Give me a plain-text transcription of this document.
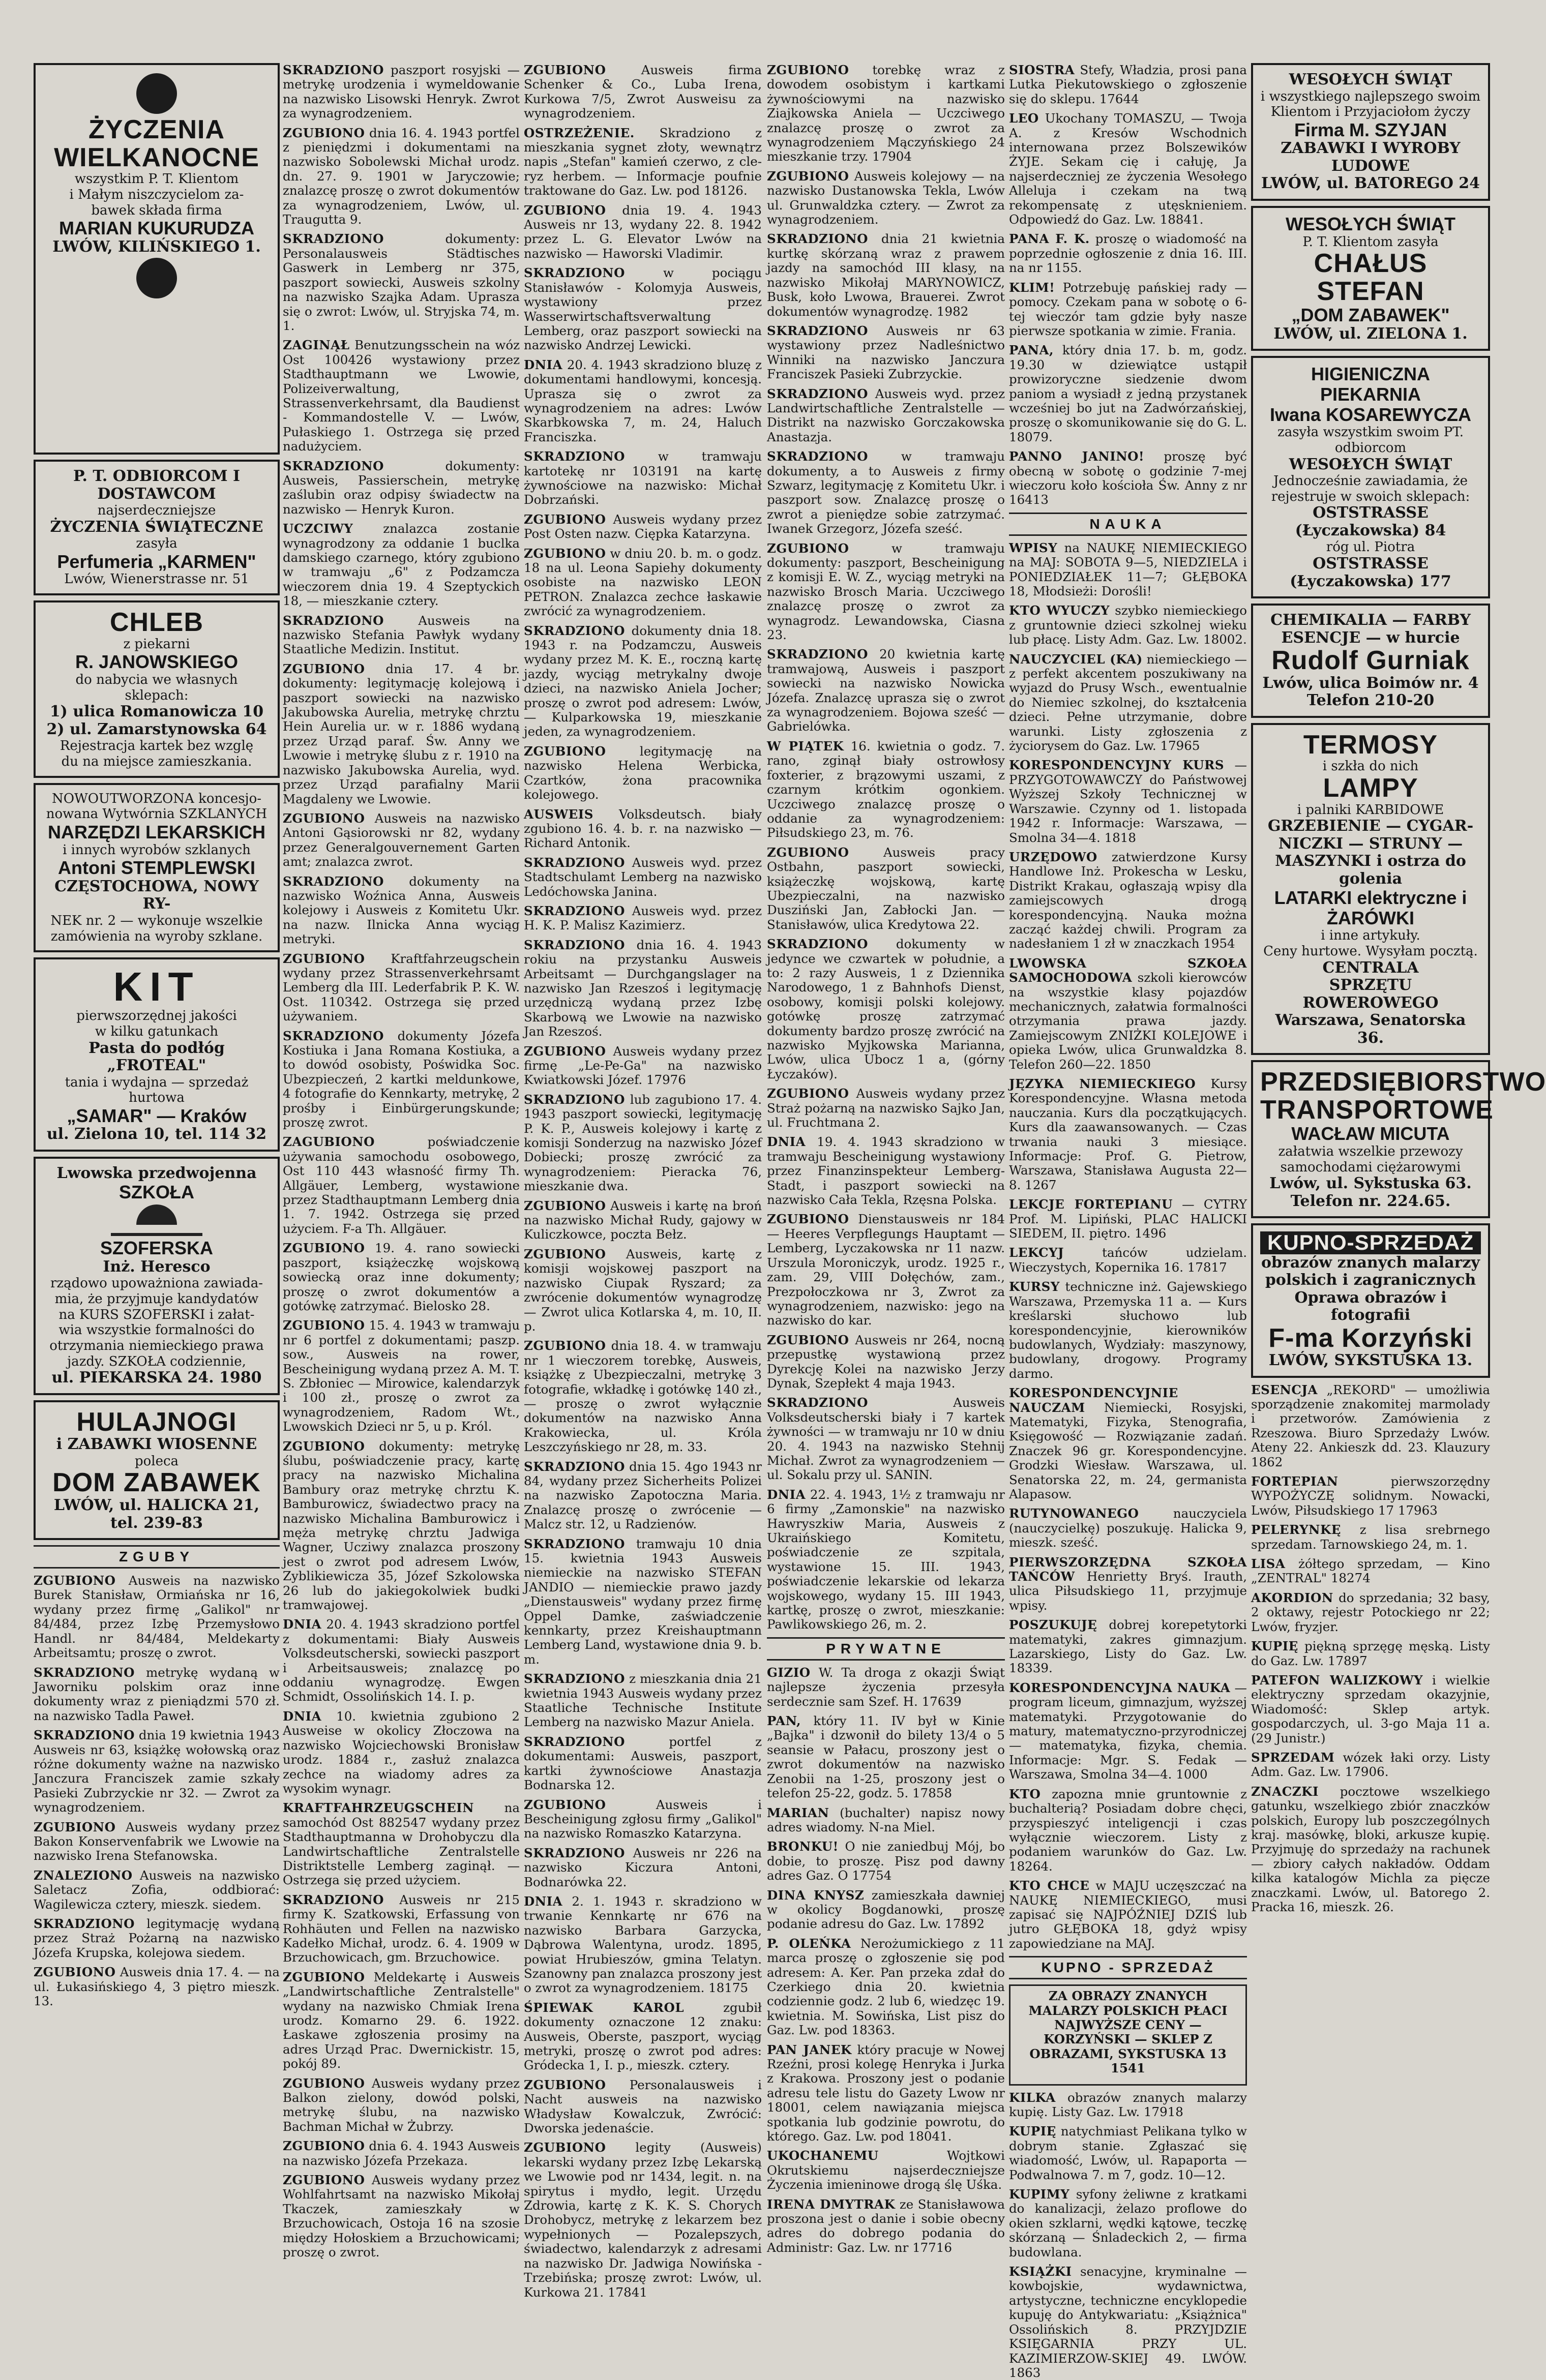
ŻYCZENIA
WIELKANOCNE
wszystkim P. T. Klientom
i Małym niszczycielom za-
bawek składa firma
MARIAN KUKURUDZA
LWÓW, KILIŃSKIEGO 1.
P. T. ODBIORCOM I DOSTAWCOM
najserdeczniejsze
ŻYCZENIA ŚWIĄTECZNE
zasyła
Perfumeria „KARMEN"
Lwów, Wienerstrasse nr. 51
CHLEB
z piekarni
R. JANOWSKIEGO
do nabycia we własnych
sklepach:
1) ulica Romanowicza 10
2) ul. Zamarstynowska 64
Rejestracja kartek bez wzglę
du na miejsce zamieszkania.
NOWOUTWORZONA koncesjo-
nowana Wytwórnia SZKLANYCH
NARZĘDZI LEKARSKICH
i innych wyrobów szklanych
Antoni STEMPLEWSKI
CZĘSTOCHOWA, NOWY RY-
NEK nr. 2 — wykonuje wszelkie
zamówienia na wyroby szklane.
KIT
pierwszorzędnej jakości
w kilku gatunkach
Pasta do podłóg „FROTEAL"
tania i wydajna — sprzedaż hurtowa
„SAMAR" — Kraków
ul. Zielona 10, tel. 114 32
Lwowska przedwojenna
SZKOŁA
SZOFERSKA
Inż. Heresco
rządowo upoważniona zawiada-
mia, że przyjmuje kandydatów
na KURS SZOFERSKI i załat-
wia wszystkie formalności do
otrzymania niemieckiego prawa
jazdy. SZKOŁA codziennie,
ul. PIEKARSKA 24. 1980
HULAJNOGI
i ZABAWKI WIOSENNE
poleca
DOM ZABAWEK
LWÓW, ul. HALICKA 21,
tel. 239-83
ZGUBY

ZGUBIONO Ausweis na nazwisko Burek Stanisław, Ormiańska nr 16, wydany przez firmę „Galikol" nr 84/484, przez Izbę Przemysłowo Handl. nr 84/484, Meldekarty Arbeitsamtu; proszę o zwrot.

SKRADZIONO metrykę wydaną w Jaworniku polskim oraz inne dokumenty wraz z pieniądzmi 570 zł. na nazwisko Tadla Paweł.

SKRADZIONO dnia 19 kwietnia 1943 Ausweis nr 63, książkę wołowską oraz różne dokumenty ważne na nazwisko Janczura Franciszek zamie szkały Pasieki Zubrzyckie nr 32. — Zwrot za wynagrodzeniem.

ZGUBIONO Ausweis wydany przez Bakon Konservenfabrik we Lwowie na nazwisko Irena Stefanowska.

ZNALEZIONO Ausweis na nazwisko Saletacz Zofia, oddbiorać: Wagilewicza cztery, mieszk. siedem.

SKRADZIONO legitymację wydaną przez Straż Pożarną na nazwisko Józefa Krupska, kolejowa siedem.

ZGUBIONO Ausweis dnia 17. 4. — na ul. Łukasińskiego 4, 3 piętro mieszk. 13.

SKRADZIONO paszport rosyjski — metrykę urodzenia i wymeldowanie na nazwisko Lisowski Henryk. Zwrot za wynagrodzeniem.

ZGUBIONO dnia 16. 4. 1943 portfel z pieniędzmi i dokumentami na nazwisko Sobolewski Michał urodz. dn. 27. 9. 1901 w Jaryczowie; znalazcę proszę o zwrot dokumentów za wynagrodzeniem, Lwów, ul. Traugutta 9.

SKRADZIONO	dokumenty: Personalausweis Städtisches Gaswerk in Lemberg nr 375, paszport sowiecki, Ausweis szkolny na nazwisko Szajka Adam. Uprasza się o zwrot: Lwów, ul. Stryjska 74, m. 1.

ZAGINĄŁ Benutzungsschein na wóz Ost 100426 wystawiony przez Stadthauptmann we Lwowie, Polizeiverwaltung, Strassenverkehrsamt, dla Baudienst - Kommandostelle V. — Lwów, Pułaskiego 1. Ostrzega się przed nadużyciem.

SKRADZIONO	dokumenty: Ausweis, Passierschein, metrykę zaślubin oraz odpisy świadectw na nazwisko — Henryk Kuron.

UCZCIWY znalazca zostanie wynagrodzony za oddanie 1 buclka damskiego czarnego, który zgubiono w tramwaju „6" z Podzamcza wieczorem dnia 19. 4 Szeptyckich 18, — mieszkanie cztery.

SKRADZIONO	Ausweis na nazwisko Stefania Pawłyk wydany Staatliche Medizin. Institut.

ZGUBIONO dnia 17. 4 br. dokumenty: legitymację kolejową i paszport sowiecki na nazwisko Jakubowska Aurelia, metrykę chrztu Hein Aurelia ur. w r. 1886 wydaną przez Urząd paraf. Św. Anny we Lwowie i metrykę ślubu z r. 1910 na nazwisko Jakubowska Aurelia, wyd. przez Urząd parafialny Marii Magdaleny we Lwowie.

ZGUBIONO Ausweis na nazwisko Antoni Gąsiorowski nr 82, wydany przez Generalgouvernement Garten amt; znalazca zwrot.

SKRADZIONO dokumenty na nazwisko Woźnica Anna, Ausweis kolejowy i Ausweis z Komitetu Ukr. na nazw. Ilnicka Anna wyciąg metryki.

ZGUBIONO Kraftfahrzeugschein wydany przez Strassenverkehrsamt Lemberg dla III. Lederfabrik P. K. W. Ost. 110342. Ostrzega się przed używaniem.

SKRADZIONO dokumenty Józefa Kostiuka i Jana Romana Kostiuka, a to dowód osobisty, Poświdka Soc. Ubezpieczeń, 2 kartki meldunkowe, 4 fotografie do Kennkarty, metrykę, 2 prośby i Einbürgerungskunde; proszę zwrot.

ZAGUBIONO	poświadczenie używania samochodu osobowego, Ost 110 443 własność firmy Th. Allgäuer, Lemberg, wystawione przez Stadthauptmann Lemberg dnia 1. 7. 1942. Ostrzega się przed użyciem. F-a Th. Allgäuer.

ZGUBIONO 19. 4. rano sowiecki paszport, książeczkę wojskową sowiecką oraz inne dokumenty; proszę o zwrot dokumentów a gotówkę zatrzymać. Bielosko 28.

ZGUBIONO 15. 4. 1943 w tramwaju nr 6 portfel z dokumentami; paszp. sow., Ausweis na rower, Bescheinigung wydaną przez A. M. T. S. Zbłoniec — Mirowice, kalendarzyk i 100 zł., proszę o zwrot za wynagrodzeniem, Radom Wt., Lwowskich Dzieci nr 5, u p. Król.

ZGUBIONO dokumenty: metrykę ślubu, poświadczenie pracy, kartę pracy na nazwisko Michalina Bambury oraz metrykę chrztu K. Bamburowicz, świadectwo pracy na nazwisko Michalina Bamburowicz i męża metrykę chrztu Jadwiga Wagner, Ucziwy znalazca proszony jest o zwrot pod adresem Lwów, Zyblikiewicza 35, Józef Szkolowska 26 lub do jakiegokolwiek budki tramwajowej.

DNIA 20. 4. 1943 skradziono portfel z dokumentami: Biały Ausweis Volksdeutscherski, sowiecki paszport i Arbeitsausweis; znalazcę po oddaniu wynagrodzę. Ewgen Schmidt, Ossolińskich 14. I. p.

DNIA 10. kwietnia zgubiono 2 Ausweise w okolicy Złoczowa na nazwisko Wojciechowski Bronisław urodz. 1884 r., zasłuż znalazca zechce na wiadomy adres za wysokim wynagr.

KRAFTFAHRZEUGSCHEIN na samochód Ost 882547 wydany przez Stadthauptmanna w Drohobyczu dla Landwirtschaftliche Zentralstelle Distriktstelle Lemberg zaginął. — Ostrzega się przed użyciem.

SKRADZIONO Ausweis nr 215 firmy K. Szatkowski, Erfassung von Rohhäuten und Fellen na nazwisko Kadełko Michał, urodz. 6. 4. 1909 w Brzuchowicach, gm. Brzuchowice.

ZGUBIONO Meldekartę i Ausweis „Landwirtschaftliche Zentralstelle" wydany na nazwisko Chmiak Irena urodz. Komarno 29. 6. 1922. Łaskawe zgłoszenia prosimy na adres Urząd Prac. Dwernickistr. 15, pokój 89.

ZGUBIONO Ausweis wydany przez Balkon zielony, dowód polski, metrykę ślubu, na nazwisko Bachman Michał w Żubrzy.

ZGUBIONO dnia 6. 4. 1943 Ausweis na nazwisko Józefa Przekaza.

ZGUBIONO Ausweis wydany przez Wohlfahrtsamt na nazwisko Mikołaj Tkaczek, zamieszkały w Brzuchowicach, Ostoja 16 na szosie między Hołoskiem a Brzuchowicami; proszę o zwrot.

ZGUBIONO	Ausweis firma Schenker & Co., Luba Irena, Kurkowa 7/5, Zwrot Ausweisu za wynagrodzeniem.

OSTRZEŻENIE. Skradziono z mieszkania sygnet złoty, wewnątrz napis „Stefan" kamień czerwo, z cle-ryz herbem. — Informacje poufnie traktowane do Gaz. Lw. pod 18126.

ZGUBIONO dnia 19. 4. 1943 Ausweis nr 13, wydany 22. 8. 1942 przez L. G. Elevator Lwów na nazwisko — Haworski Vladimir.

SKRADZIONO	w pociągu Stanisławów - Kolomyja Ausweis, wystawiony przez Wasserwirtschaftsverwaltung Lemberg, oraz paszport sowiecki na nazwisko Andrzej Lewicki.

DNIA 20. 4. 1943 skradziono bluzę z dokumentami handlowymi, koncesją. Uprasza się o zwrot za wynagrodzeniem na adres: Lwów Skarbkowska 7, m. 24, Haluch Franciszka.

SKRADZIONO	w tramwaju kartotekę nr 103191 na kartę żywnościowe na nazwisko: Michał Dobrzański.

ZGUBIONO Ausweis wydany przez Post Osten nazw. Ciępka Katarzyna.

ZGUBIONO w dniu 20. b. m. o godz. 18 na ul. Leona Sapiehy dokumenty osobiste na nazwisko LEON PETRON. Znalazca zechce łaskawie zwrócić za wynagrodzeniem.

SKRADZIONO dokumenty dnia 18. 1943 r. na Podzamczu, Ausweis wydany przez M. K. E., roczną kartę jazdy, wyciąg metrykalny dwoje dzieci, na nazwisko Aniela Jocher; proszę o zwrot pod adresem: Lwów, — Kulparkowska 19, mieszkanie jeden, za wynagrodzeniem.

ZGUBIONO	legitymację na nazwisko Helena Werbicka, Czartków, żona pracownika kolejowego.

AUSWEIS Volksdeutsch. biały zgubiono 16. 4. b. r. na nazwisko — Richard Antonik.

SKRADZIONO Ausweis wyd. przez Stadtschulamt Lemberg na nazwisko Ledóchowska Janina.

SKRADZIONO Ausweis wyd. przez H. K. P. Malisz Kazimierz.

SKRADZIONO dnia 16. 4. 1943 rokiu na przystanku Ausweis Arbeitsamt — Durchgangslager na nazwisko Jan Rzeszoś i legitymację urzędniczą wydaną przez Izbę Skarbową we Lwowie na nazwisko Jan Rzeszoś.

ZGUBIONO Ausweis wydany przez firmę „Le-Pe-Ga" na nazwisko Kwiatkowski Józef. 17976

SKRADZIONO lub zagubiono 17. 4. 1943 paszport sowiecki, legitymację P. K. P., Ausweis kolejowy i kartę z komisji Sonderzug na nazwisko Józef Dobiecki; proszę zwrócić za wynagrodzeniem: Pieracka 76, mieszkanie dwa.

ZGUBIONO Ausweis i kartę na broń na nazwisko Michał Rudy, gajowy w Kuliczkowce, poczta Bełz.

ZGUBIONO Ausweis, kartę z komisji wojskowej paszport na nazwisko Ciupak Ryszard; za zwrócenie dokumentów wynagrodzę — Zwrot ulica Kotlarska 4, m. 10, II. p.

ZGUBIONO dnia 18. 4. w tramwaju nr 1 wieczorem torebkę, Ausweis, książkę z Ubezpieczalni, metrykę 3 fotografie, wkładkę i gotówkę 140 zł., — proszę o zwrot wyłącznie dokumentów na nazwisko Anna Krakowiecka, ul. Króla Leszczyńskiego nr 28, m. 33.

SKRADZIONO dnia 15. 4go 1943 nr 84, wydany przez Sicherheits Polizei na nazwisko Zapotoczna Maria. Znalazcę proszę o zwrócenie — Malcz str. 12, u Radzienów.

SKRADZIONO tramwaju 10 dnia 15. kwietnia 1943 Ausweis niemieckie na nazwisko STEFAN JANDIO — niemieckie prawo jazdy „Dienstausweis" wydany przez firmę Oppel Damke, zaświadczenie kennkarty, przez Kreishauptmann Lemberg Land, wystawione dnia 9. b. m.

SKRADZIONO z mieszkania dnia 21 kwietnia 1943 Ausweis wydany przez Staatliche Technische Institute Lemberg na nazwisko Mazur Aniela.

SKRADZIONO	portfel z dokumentami: Ausweis, paszport, kartki żywnościowe Anastazja Bodnarska 12.

ZGUBIONO	Ausweis i Bescheinigung zgłosu firmy „Galikol" na nazwisko Romaszko Katarzyna.

SKRADZIONO Ausweis nr 226 na nazwisko Kiczura Antoni, Bodnarówka 22.

DNIA 2. 1. 1943 r. skradziono w trwanie Kennkartę nr 676 na nazwisko Barbara Garzycka, Dąbrowa Walentyna, urodz. 1895, powiat Hrubieszów, gmina Telatyn. Szanowny pan znalazca proszony jest o zwrot za wynagrodzeniem. 18175

ŚPIEWAK KAROL	zgubił dokumenty oznaczone 12 znaku: Ausweis, Oberste, paszport, wyciąg metryki, proszę o zwrot pod adres: Gródecka 1, I. p., mieszk. cztery.

ZGUBIONO Personalausweis i Nacht ausweis na nazwisko Władysław Kowalczuk, Zwrócić: Dworska jedenaście.

ZGUBIONO legity (Ausweis) lekarski wydany przez Izbę Lekarską we Lwowie pod nr 1434, legit. n. na spirytus i mydło, legit. Urzędu Zdrowia, kartę z K. K. S. Chorych Drohobycz, metrykę z lekarzem bez wypełnionych — Pozalepszych, świadectwo, kalendarzyk z adresami na nazwisko Dr. Jadwiga Nowińska - Trzebińska; proszę zwrot: Lwów, ul. Kurkowa 21. 17841

ZGUBIONO torebkę wraz z dowodem osobistym i kartkami żywnościowymi na nazwisko Ziajkowska Aniela — Uczciwego znalazcę proszę o zwrot za wynagrodzeniem Mączyńskiego 24 mieszkanie trzy. 17904

ZGUBIONO Ausweis kolejowy — na nazwisko Dustanowska Tekla, Lwów ul. Grunwaldzka cztery. — Zwrot za wynagrodzeniem.

SKRADZIONO dnia 21 kwietnia kurtkę skórzaną wraz z prawem jazdy na samochód III klasy, na nazwisko Mikołaj MARYNOWICZ, Busk, koło Lwowa, Brauerei. Zwrot dokumentów wynagrodzę. 1982

SKRADZIONO Ausweis nr 63 wystawiony przez Nadleśnictwo Winniki na nazwisko Janczura Franciszek Pasieki Zubrzyckie.

SKRADZIONO Ausweis wyd. przez Landwirtschaftliche Zentralstelle — Distrikt na nazwisko Gorczakowska Anastazja.

SKRADZIONO	w tramwaju dokumenty, a to Ausweis z firmy Szwarz, legitymację z Komitetu Ukr. i paszport sow. Znalazcę proszę o zwrot a pieniędze sobie zatrzymać. Iwanek Grzegorz, Józefa sześć.

ZGUBIONO	w tramwaju dokumenty: paszport, Bescheinigung z komisji E. W. Z., wyciąg metryki na nazwisko Brosch Maria. Uczciwego znalazcę proszę o zwrot za wynagrodz. Lewandowska, Ciasna 23.

SKRADZIONO 20 kwietnia kartę tramwajową, Ausweis i paszport sowiecki na nazwisko Nowicka Józefa. Znalazcę uprasza się o zwrot za wynagrodzeniem. Bojowa sześć — Gabrielówka.

W PIĄTEK 16. kwietnia o godz. 7. rano, zginął biały ostrowłosy foxterier, z brązowymi uszami, z czarnym krótkim ogonkiem. Uczciwego znalazcę proszę o oddanie za wynagrodzeniem: Piłsudskiego 23, m. 76.

ZGUBIONO	Ausweis pracy Ostbahn, paszport sowiecki, książeczkę wojskową, kartę Ubezpieczalni, na nazwisko Dusziński Jan, Zabłocki Jan. — Stanisławów, ulica Kredytowa 22.

SKRADZIONO dokumenty w jedynce we czwartek w południe, a to: 2 razy Ausweis, 1 z Dziennika Narodowego, 1 z Bahnhofs Dienst, osobowy, komisji polski kolejowy. gotówkę proszę zatrzymać dokumenty bardzo proszę zwrócić na nazwisko Myjkowska Marianna, Lwów, ulica Ubocz 1 a, (górny Łyczaków).

ZGUBIONO Ausweis wydany przez Straż pożarną na nazwisko Sajko Jan, ul. Fruchtmana 2.

DNIA 19. 4. 1943 skradziono w tramwaju Bescheinigung wystawiony przez Finanzinspekteur Lemberg-Stadt, i paszport sowiecki na nazwisko Cała Tekla, Rzęsna Polska.

ZGUBIONO Dienstausweis nr 184 — Heeres Verpflegungs Hauptamt — Lemberg, Lyczakowska nr 11 nazw. Urszula Moroniczyk, urodz. 1925 r., zam. 29, VIII Dołęchów, zam., Prezpołoczkowa nr 3, Zwrot za wynagrodzeniem, nazwisko: jego na nazwisko do kar.

ZGUBIONO Ausweis nr 264, nocną przepustkę wystawioną przez Dyrekcję Kolei na nazwisko Jerzy Dynak, Szepłekt 4 maja 1943.

SKRADZIONO	Ausweis Volksdeutscherski biały i 7 kartek żywności — w tramwaju nr 10 w dniu 20. 4. 1943 na nazwisko Stehnij Michał. Zwrot za wynagrodzeniem — ul. Sokalu przy ul. SANIN.

DNIA 22. 4. 1943, 1½ z tramwaju nr 6 firmy „Zamonskie" na nazwisko Hawryszkiw Maria, Ausweis z Ukraińskiego Komitetu, poświadczenie ze szpitala, wystawione 15. III. 1943, poświadczenie lekarskie od lekarza wojskowego, wydany 15. III 1943, kartkę, proszę o zwrot, mieszkanie: Pawlikowskiego 26, m. 2.

PRYWATNE

GIZIO W. Ta droga z okazji Świąt najlepsze życzenia przesyła serdecznie sam Szef. H. 17639

PAN, który 11. IV był w Kinie „Bajka" i dzwonił do bilety 13/4 o 5 seansie w Pałacu, proszony jest o zwrot dokumentów na nazwisko Zenobii na 1-25, proszony jest o telefon 25-22, godz. 5. 17858

MARIAN (buchalter) napisz nowy adres wiadomy. N-na Miel.

BRONKU! O nie zaniedbuj Mój, bo dobie, to proszę. Pisz pod dawny adres Gaz. O 17754

DINA KNYSZ zamieszkała dawniej w okolicy Bogdanowki, proszę podanie adresu do Gaz. Lw. 17892

P. OLEŃKA Nerożumickiego z 11 marca proszę o zgłoszenie się pod adresem: A. Ker. Pan przeka zdał do Czerkiego dnia 20. kwietnia codziennie godz. 2 lub 6, wiedzęc 19. kwietnia. M. Sowińska, List pisz do Gaz. Lw. pod 18363.

PAN JANEK który pracuje w Nowej Rzeźni, prosi kolegę Henryka i Jurka z Krakowa. Proszony jest o podanie adresu tele listu do Gazety Lwow nr 18001, celem nawiązania miejsca spotkania lub godzinie powrotu, do którego. Gaz. Lw. pod 18041.

UKOCHANEMU	Wojtkowi Okrutskiemu najserdeczniejsze Życzenia imieninowe drogą ślę Uśka.

IRENA DMYTRAK ze Stanisławowa proszona jest o danie i sobie obecny adres do dobrego podania do Administr: Gaz. Lw. nr 17716

SIOSTRA Stefy, Władzia, prosi pana Lutka Piekutowskiego o zgłoszenie się do sklepu. 17644

LEO Ukochany TOMASZU, — Twoja A. z Kresów Wschodnich internowana przez Bolszewików ŻYJE. Sekam cię i całuję, Ja najserdeczniej ze życzenia Wesołego Alleluja i czekam na twą rekompensatę z utęsknieniem. Odpowiedź do Gaz. Lw. 18841.

PANA F. K. proszę o wiadomość na poprzednie ogłoszenie z dnia 16. III. na nr 1155.

KLIM! Potrzebuję pańskiej rady — pomocy. Czekam pana w sobotę o 6-tej wieczór tam gdzie były nasze pierwsze spotkania w zimie. Frania.

PANA, który dnia 17. b. m, godz. 19.30 w dziewiątce ustąpił prowizoryczne siedzenie dwom paniom a wysiadł z jedną przystanek wcześniej bo jut na Zadwórzańskiej, proszę o skomunikowanie się do G. L. 18079.

PANNO JANINO! proszę być obecną w sobotę o godzinie 7-mej wieczoru koło kościoła Św. Anny z nr 16413

NAUKA

WPISY na NAUKĘ NIEMIECKIEGO na MAJ: SOBOTA 9—5, NIEDZIELA i PONIEDZIAŁEK 11—7; GŁĘBOKA 18, Młodsieżi: Dorośli!

KTO WYUCZY szybko niemieckiego z gruntownie dzieci szkolnej wieku lub płacę. Listy Adm. Gaz. Lw. 18002.

NAUCZYCIEL (KA) niemieckiego — z perfekt akcentem poszukiwany na wyjazd do Prusy Wsch., ewentualnie do Niemiec szkolnej, do kształcenia dzieci. Pełne utrzymanie, dobre warunki. Listy zgłoszenia z życiorysem do Gaz. Lw. 17965

KORESPONDENCYJNY KURS — PRZYGOTOWAWCZY do Państwowej Wyższej Szkoły Technicznej w Warszawie. Czynny od 1. listopada 1942 r. Informacje: Warszawa, — Smolna 34—4. 1818

URZĘDOWO zatwierdzone Kursy Handlowe Inż. Prokescha w Lesku, Distrikt Krakau, ogłaszają wpisy dla zamiejscowych drogą korespondencyjną. Nauka można zacząć każdej chwili. Program za nadesłaniem 1 zł w znaczkach 1954

LWOWSKA SZKOŁA SAMOCHODOWA szkoli kierowców na wszystkie klasy pojazdów mechanicznych, załatwia formalności otrzymania prawa jazdy. Zamiejscowym ZNIŻKI KOLEJOWE i opieka Lwów, ulica Grunwaldzka 8. Telefon 260—22. 1850

JĘZYKA NIEMIECKIEGO Kursy Korespondencyjne. Własna metoda nauczania. Kurs dla początkujących. Kurs dla zaawansowanych. — Czas trwania nauki 3 miesiące. Informacje: Prof. G. Pietrow, Warszawa, Stanisława Augusta 22—8. 1267

LEKCJE FORTEPIANU — CYTRY Prof. M. Lipiński, PLAC HALICKI SIEDEM, II. piętro. 1496

LEKCYJ	tańców udzielam. Wieczystych, Kopernika 16. 17817

KURSY techniczne inż. Gajewskiego Warszawa, Przemyska 11 a. — Kurs kreślarski słuchowo lub korespondencyjnie, kierowników budowlanych, Wydziały: maszynowy, budowlany, drogowy. Programy darmo.

KORESPONDENCYJNIE NAUCZAM Niemiecki, Rosyjski, Matematyki, Fizyka, Stenografia, Księgowość — Rozwiązanie zadań. Znaczek 96 gr. Korespondencyjne. Grodzki Wiesław. Warszawa, ul. Senatorska 22, m. 24, germanista Alapasow.

RUTYNOWANEGO	nauczyciela (nauczycielkę) poszukuję. Halicka 9, mieszk. sześć.

PIERWSZORZĘDNA SZKOŁA TAŃCÓW Henrietty Bryś. Irauth, ulica Piłsudskiego 11, przyjmuje wpisy.

POSZUKUJĘ dobrej korepetytorki matematyki, zakres gimnazjum. Lazarskiego, Listy do Gaz. Lw. 18339.

KORESPONDENCYJNA NAUKA — program liceum, gimnazjum, wyższej matematyki. Przygotowanie do matury, matematyczno-przyrodniczej — matematyka, fizyka, chemia. Informacje: Mgr. S. Fedak — Warszawa, Smolna 34—4. 1000

KTO zapozna mnie gruntownie z buchalterią? Posiadam dobre chęci, przyspieszyć inteligencji i czas wyłącznie wieczorem. Listy z podaniem warunków do Gaz. Lw. 18264.

KTO CHCE w MAJU uczęszczać na NAUKĘ NIEMIECKIEGO, musi zapisać się NAJPÓŹNIEJ DZIŚ lub jutro GŁĘBOKA 18, gdyż wpisy zapowiedziane na MAJ.

KUPNO - SPRZEDAŻ

ZA OBRAZY ZNANYCH MALARZY POLSKICH PŁACI NAJWYŻSZE CENY — KORZYŃSKI — SKLEP Z OBRAZAMI, SYKSTUSKA 13 1541

KILKA obrazów znanych malarzy kupię. Listy Gaz. Lw. 17918

KUPIĘ natychmiast Pelikana tylko w dobrym stanie. Zgłaszać się wiadomość, Lwów, ul. Rapaporta — Podwalnowa 7. m 7, godz. 10—12.

KUPIMY syfony żeliwne z kratkami do kanalizacji, żelazo proflowe do okien szklarni, wędki kątowe, teczkę skórzaną — Śnladeckich 2, — firma budowlana.

KSIĄŻKI senacyjne, kryminalne — kowbojskie, wydawnictwa, artystyczne, techniczne encyklopedie kupuję do Antykwariatu: „Książnica" Ossolińskich 8. PRZYJDZIE KSIĘGARNIA PRZY UL. KAZIMIERZOW-SKIEJ 49. LWÓW. 1863

WESOŁYCH ŚWIĄT
i wszystkiego najlepszego swoim
Klientom i Przyjaciołom życzy
Firma M. SZYJAN
ZABAWKI I WYROBY
LUDOWE
LWÓW, ul. BATOREGO 24
WESOŁYCH ŚWIĄT
P. T. Klientom zasyła
CHAŁUS STEFAN
„DOM ZABAWEK"
LWÓW, ul. ZIELONA 1.
HIGIENICZNA PIEKARNIA
Iwana KOSAREWYCZA
zasyła wszystkim swoim PT. odbiorcom
WESOŁYCH ŚWIĄT
Jednocześnie zawiadamia, że rejestruje w swoich sklepach:
OSTSTRASSE (Łyczakowska) 84
róg ul. Piotra
OSTSTRASSE (Łyczakowska) 177
CHEMIKALIA — FARBY
ESENCJE — w hurcie
Rudolf Gurniak
Lwów, ulica Boimów nr. 4
Telefon 210-20
TERMOSY
i szkła do nich
LAMPY
i palniki KARBIDOWE
GRZEBIENIE — CYGAR-
NICZKI — STRUNY —
MASZYNKI i ostrza do
golenia
LATARKI elektryczne i ŻARÓWKI
i inne artykuły.
Ceny hurtowe. Wysyłam pocztą.
CENTRALA
SPRZĘTU ROWEROWEGO
Warszawa, Senatorska 36.
PRZEDSIĘBIORSTWO
TRANSPORTOWE
WACŁAW MICUTA
załatwia wszelkie przewozy
samochodami ciężarowymi
Lwów, ul. Sykstuska 63.
Telefon nr. 224.65.
KUPNO-SPRZEDAŻ
obrazów znanych malarzy
polskich i zagranicznych
Oprawa obrazów i fotografii
F-ma Korzyński
LWÓW, SYKSTUSKA 13.

ESENCJA „REKORD" — umożliwia sporządzenie znakomitej marmolady i przetworów. Zamówienia z Rzeszowa. Biuro Sprzedaży Lwów. Ateny 22. Ankieszk dd. 23. Klauzury 1862

FORTEPIAN	pierwszorzędny WYPOŻYCZĘ solidnym. Nowacki, Lwów, Piłsudskiego 17 17963

PELERYNKĘ z lisa srebrnego sprzedam. Tarnowskiego 24, m. 1.

LISA żółtego sprzedam, — Kino „ZENTRAL" 18274

AKORDION do sprzedania; 32 basy, 2 oktawy, rejestr Potockiego nr 22; Lwów, fryzjer.

KUPIĘ piękną sprzęgę męską. Listy do Gaz. Lw. 17897

PATEFON WALIZKOWY i wielkie elektryczny sprzedam okazyjnie, Wiadomość: Sklep artyk. gospodarczych, ul. 3-go Maja 11 a. (29 Junistr.)

SPRZEDAM wózek łaki orzy. Listy Adm. Gaz. Lw. 17906.

ZNACZKI pocztowe wszelkiego gatunku, wszelkiego zbiór znaczków polskich, Europy lub poszczególnych kraj. masówkę, bloki, arkusze kupię. Przyjmuję do sprzedaży na rachunek — zbiory całych nakładów. Oddam kilka katalogów Michla za pięcze znaczkami. Lwów, ul. Batorego 2. Pracka 16, mieszk. 26.
